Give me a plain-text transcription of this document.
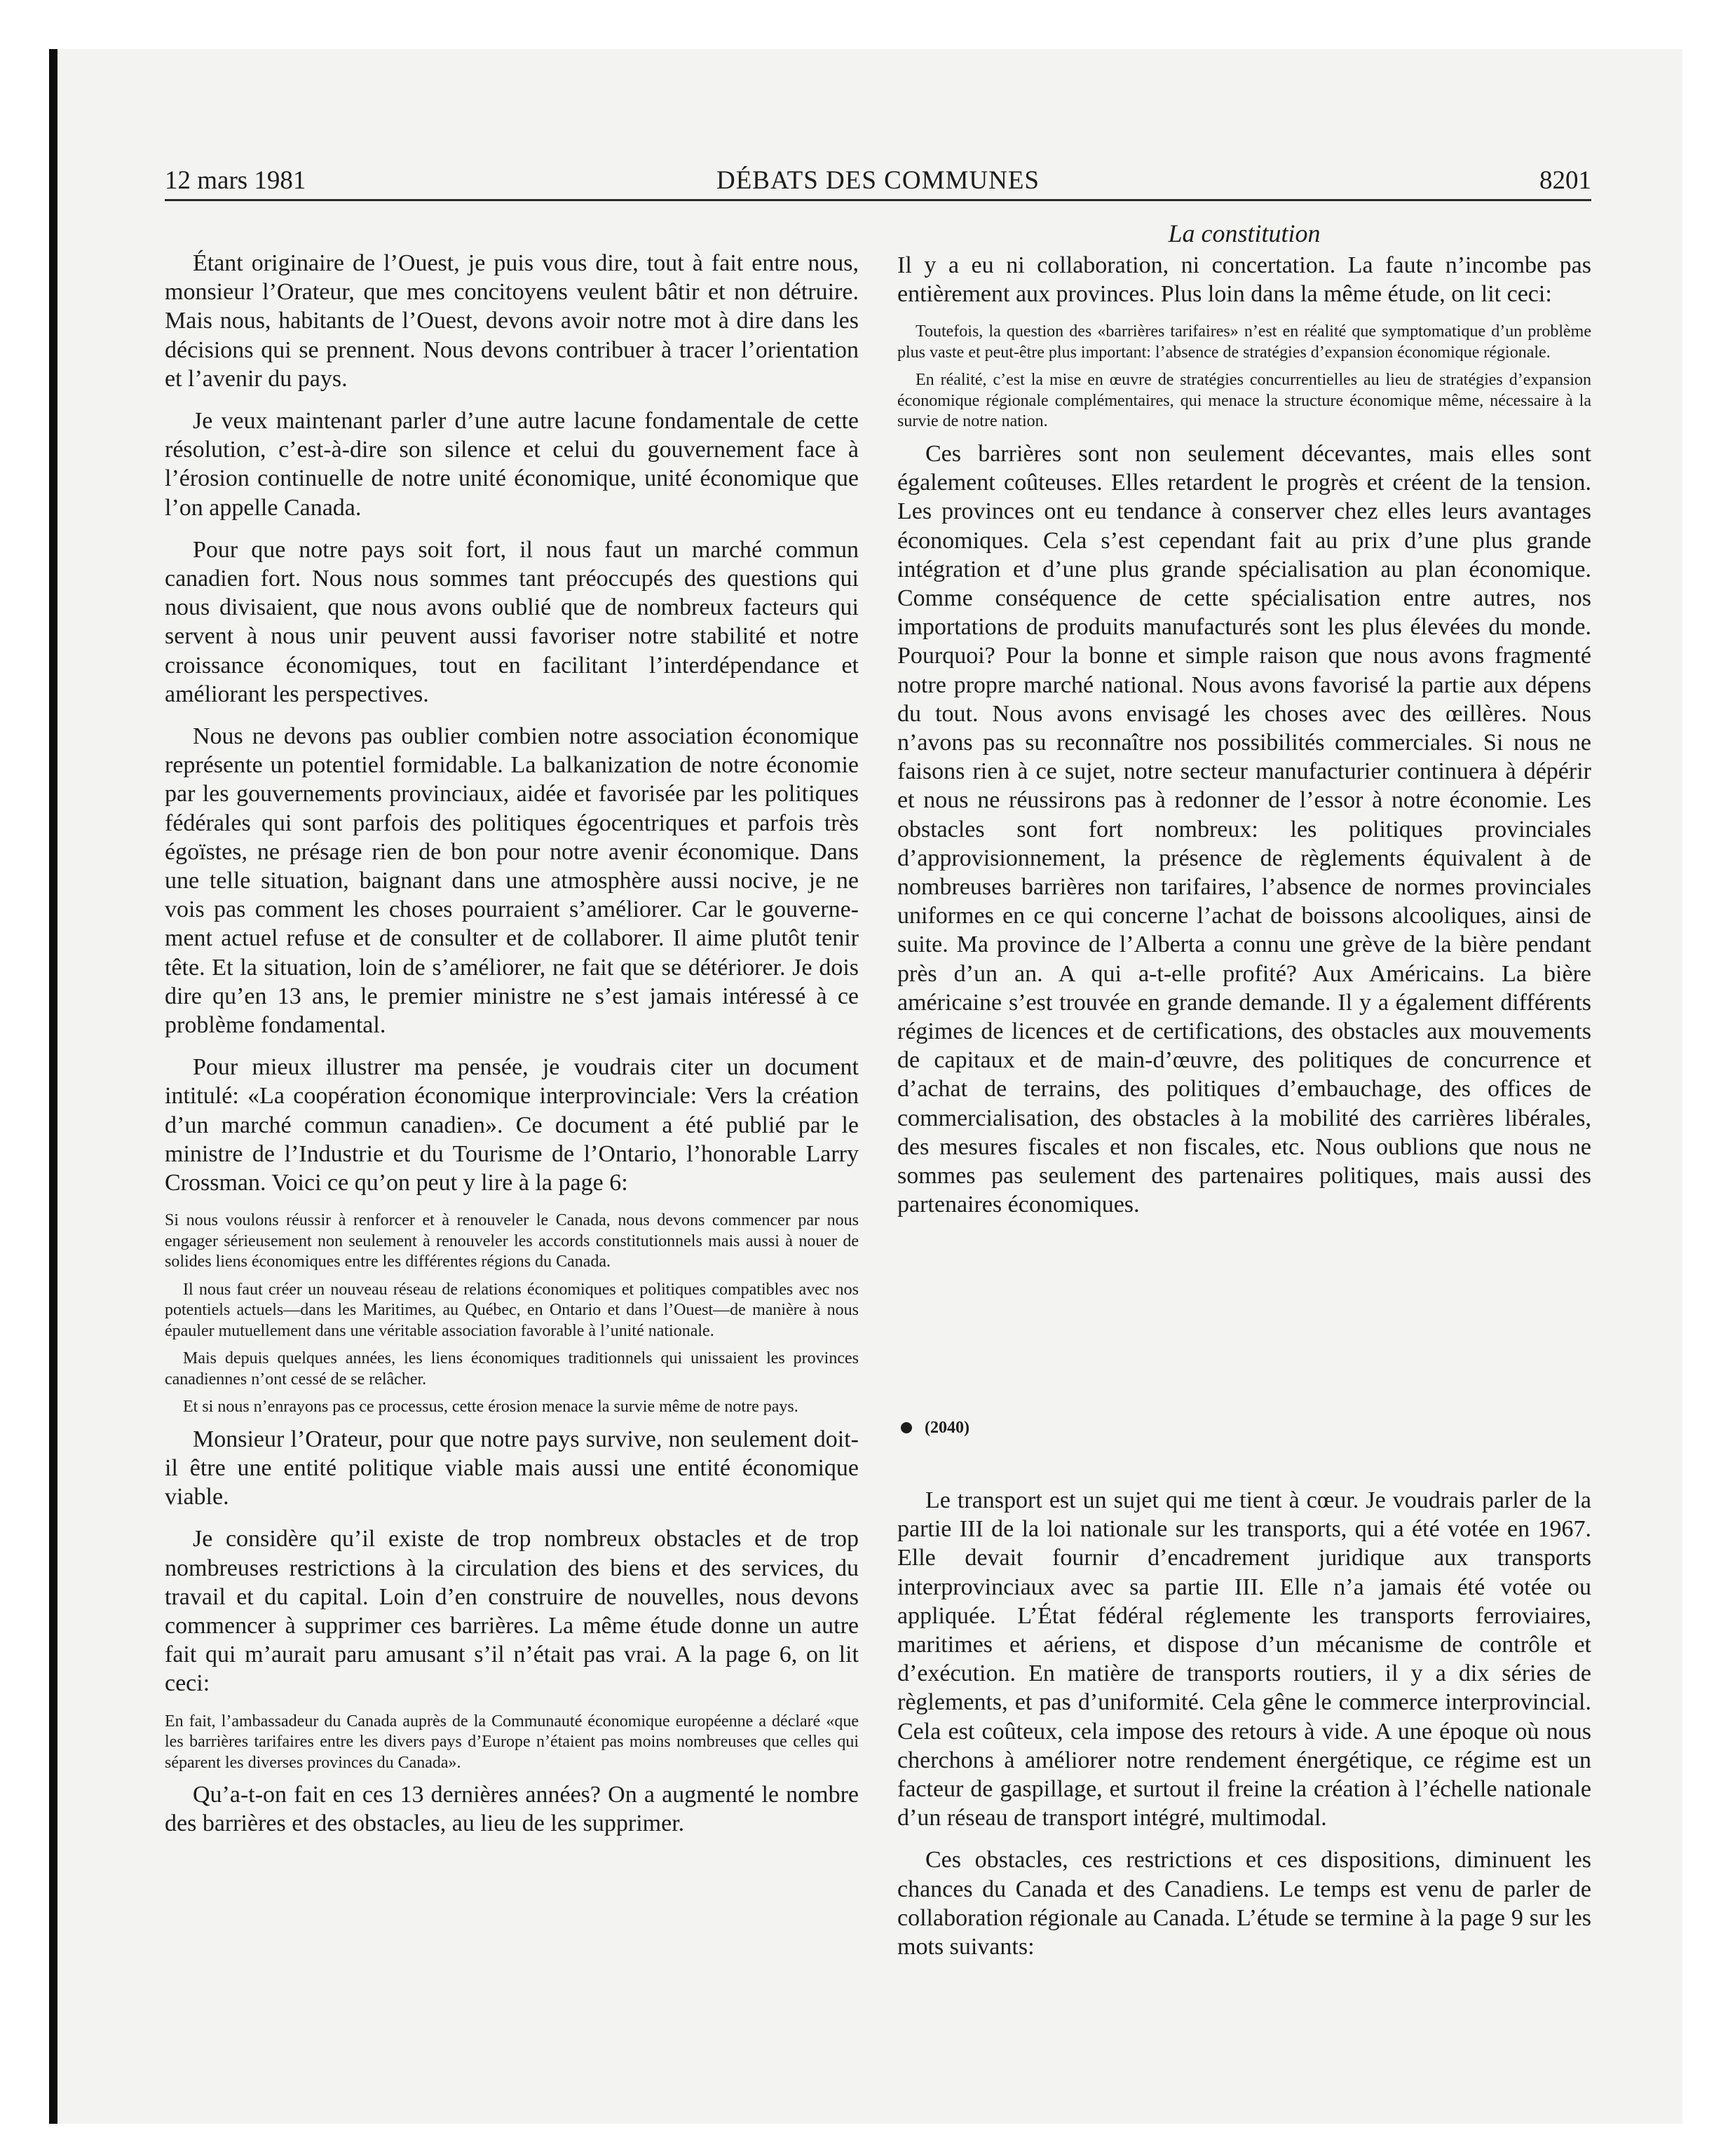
12 mars 1981	DÉBATS DES COMMUNES	8201
La constitution

Étant originaire de l’Ouest, je puis vous dire, tout à fait entre nous, monsieur l’Orateur, que mes concitoyens veulent bâtir et non détruire. Mais nous, habitants de l’Ouest, devons avoir notre mot à dire dans les décisions qui se prennent. Nous devons contribuer à tracer l’orientation et l’avenir du pays.

Je veux maintenant parler d’une autre lacune fondamentale de cette résolution, c’est-à-dire son silence et celui du gouvernement face à l’érosion continuelle de notre unité économique, unité économique que l’on appelle Canada.

Pour que notre pays soit fort, il nous faut un marché commun canadien fort. Nous nous sommes tant préoccupés des questions qui nous divisaient, que nous avons oublié que de nombreux facteurs qui servent à nous unir peuvent aussi favoriser notre stabilité et notre croissance économiques, tout en facilitant l’interdépendance et améliorant les perspectives.

Nous ne devons pas oublier combien notre association économique représente un potentiel formidable. La balkanization de notre économie par les gouvernements provinciaux, aidée et favorisée par les politiques fédérales qui sont parfois des politiques égocentriques et parfois très égoïstes, ne présage rien de bon pour notre avenir économique. Dans une telle situation, baignant dans une atmosphère aussi nocive, je ne vois pas comment les choses pourraient s’améliorer. Car le gouvernement actuel refuse et de consulter et de collaborer. Il aime plutôt tenir tête. Et la situation, loin de s’améliorer, ne fait que se détériorer. Je dois dire qu’en 13 ans, le premier ministre ne s’est jamais intéressé à ce problème fondamental.

Pour mieux illustrer ma pensée, je voudrais citer un document intitulé: «La coopération économique interprovinciale: Vers la création d’un marché commun canadien». Ce document a été publié par le ministre de l’Industrie et du Tourisme de l’Ontario, l’honorable Larry Crossman. Voici ce qu’on peut y lire à la page 6:

Si nous voulons réussir à renforcer et à renouveler le Canada, nous devons commencer par nous engager sérieusement non seulement à renouveler les accords constitutionnels mais aussi à nouer de solides liens économiques entre les différentes régions du Canada.

Il nous faut créer un nouveau réseau de relations économiques et politiques compatibles avec nos potentiels actuels—dans les Maritimes, au Québec, en Ontario et dans l’Ouest—de manière à nous épauler mutuellement dans une véritable association favorable à l’unité nationale.

Mais depuis quelques années, les liens économiques traditionnels qui unissaient les provinces canadiennes n’ont cessé de se relâcher.

Et si nous n’enrayons pas ce processus, cette érosion menace la survie même de notre pays.

Monsieur l’Orateur, pour que notre pays survive, non seulement doit-il être une entité politique viable mais aussi une entité économique viable.

Je considère qu’il existe de trop nombreux obstacles et de trop nombreuses restrictions à la circulation des biens et des services, du travail et du capital. Loin d’en construire de nouvelles, nous devons commencer à supprimer ces barrières. La même étude donne un autre fait qui m’aurait paru amusant s’il n’était pas vrai. A la page 6, on lit ceci:

En fait, l’ambassadeur du Canada auprès de la Communauté économique européenne a déclaré «que les barrières tarifaires entre les divers pays d’Europe n’étaient pas moins nombreuses que celles qui séparent les diverses provinces du Canada».

Qu’a-t-on fait en ces 13 dernières années? On a augmenté le nombre des barrières et des obstacles, au lieu de les supprimer.

Il y a eu ni collaboration, ni concertation. La faute n’incombe pas entièrement aux provinces. Plus loin dans la même étude, on lit ceci:

Toutefois, la question des «barrières tarifaires» n’est en réalité que symptomatique d’un problème plus vaste et peut-être plus important: l’absence de stratégies d’expansion économique régionale.

En réalité, c’est la mise en œuvre de stratégies concurrentielles au lieu de stratégies d’expansion économique régionale complémentaires, qui menace la structure économique même, nécessaire à la survie de notre nation.

Ces barrières sont non seulement décevantes, mais elles sont également coûteuses. Elles retardent le progrès et créent de la tension. Les provinces ont eu tendance à conserver chez elles leurs avantages économiques. Cela s’est cependant fait au prix d’une plus grande intégration et d’une plus grande spécialisation au plan économique. Comme conséquence de cette spécialisation entre autres, nos importations de produits manufacturés sont les plus élevées du monde. Pourquoi? Pour la bonne et simple raison que nous avons fragmenté notre propre marché national. Nous avons favorisé la partie aux dépens du tout. Nous avons envisagé les choses avec des œillères. Nous n’avons pas su reconnaître nos possibilités commerciales. Si nous ne faisons rien à ce sujet, notre secteur manufacturier continuera à dépérir et nous ne réussirons pas à redonner de l’essor à notre économie. Les obstacles sont fort nombreux: les politiques provinciales d’approvisionnement, la présence de règlements équivalent à de nombreuses barrières non tarifaires, l’absence de normes provinciales uniformes en ce qui concerne l’achat de boissons alcooliques, ainsi de suite. Ma province de l’Alberta a connu une grève de la bière pendant près d’un an. A qui a-t-elle profité? Aux Américains. La bière américaine s’est trouvée en grande demande. Il y a également différents régimes de licences et de certifications, des obstacles aux mouvements de capitaux et de main-d’œuvre, des politiques de concurrence et d’achat de terrains, des politiques d’embauchage, des offices de commercialisation, des obstacles à la mobilité des carrières libérales, des mesures fiscales et non fiscales, etc. Nous oublions que nous ne sommes pas seulement des partenaires politiques, mais aussi des partenaires économiques.

(2040)

Le transport est un sujet qui me tient à cœur. Je voudrais parler de la partie III de la loi nationale sur les transports, qui a été votée en 1967. Elle devait fournir d’encadrement juridique aux transports interprovinciaux avec sa partie III. Elle n’a jamais été votée ou appliquée. L’État fédéral réglemente les transports ferroviaires, maritimes et aériens, et dispose d’un mécanisme de contrôle et d’exécution. En matière de transports routiers, il y a dix séries de règlements, et pas d’uniformité. Cela gêne le commerce interprovincial. Cela est coûteux, cela impose des retours à vide. A une époque où nous cherchons à améliorer notre rendement énergétique, ce régime est un facteur de gaspillage, et surtout il freine la création à l’échelle nationale d’un réseau de transport intégré, multimodal.

Ces obstacles, ces restrictions et ces dispositions, diminuent les chances du Canada et des Canadiens. Le temps est venu de parler de collaboration régionale au Canada. L’étude se termine à la page 9 sur les mots suivants:
